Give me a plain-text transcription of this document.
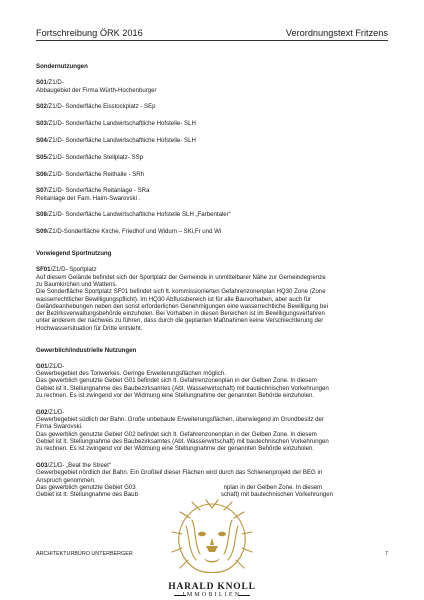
Fortschreibung ÖRK 2016	Verordnungstext Fritzens

Sondernutzungen

S01/Z1/D-

Abbaugebiet der Firma Würth-Hochenburger

S02/Z1/D- Sonderfläche Eisstockplatz - SEp

S03/Z1/D- Sonderfläche Landwirtschaftliche Hofstelle- SLH

S04/Z1/D- Sonderfläche Landwirtschaftliche Hofstelle- SLH

S05/Z1/D- Sonderfläche Stellplatz- SSp

S06/Z1/D- Sonderfläche Reithalle - SRh

S07/Z1/D- Sonderfläche Reitanlage - SRa

Reitanlage der Fam. Haim-Swarovski .

S08/Z1/D- Sonderfläche Landwirtschaftliche Hofstelle SLH „Farbentaler“

S09/Z1/D-Sonderfläche Kirche, Friedhof und Widum – SKi,Fr und Wi

Vorwiegend Sportnutzung

SF01/Z1/D- Sportplatz

Auf diesem Gelände befindet sich der Sportplatz der Gemeinde in unmittelbarer Nähe zur Gemeindegrenze

zu Baumkirchen und Wattens.

Die Sonderfläche Sportplatz SF01 befindet sich lt. kommissionierten Gefahrenzonenplan HQ30 Zone (Zone

wasserrechtlicher Bewilligungspflicht). Im HQ30 Abflussbereich ist für alle Bauvorhaben, aber auch für

Geländeanhebungen neben den sonst erforderlichen Genehmigungen eine wasserrechtliche Bewilligung bei

der Bezirksverwaltungsbehörde einzuholen. Bei Vorhaben in diesen Bereichen ist im Bewilligungsverfahren

unter anderem der nachweis zu führen, dass durch die geplanten Maßnahmen keine Verschlechterung der

Hochwassersituation für Dritte entsteht.

Gewerblich/industrielle Nutzungen

G01/Z1/D-

Gewerbegebiet des Tonwerkes. Geringe Erweiterungsflächen möglich.

Das gewerblich genutzte Gebiet G01 befindet sich lt. Gefahrenzonenplan in der Gelben Zone. In diesem

Gebiet ist lt. Stellungnahme des Baubezirksamtes (Abt. Wasserwirtschaft) mit bautechnischen Vorkehrungen

zu rechnen. Es ist zwingend vor der Widmung eine Stellungnahme der genannten Behörde einzuholen.

G02/Z1/D-

Gewerbegebiet südlich der Bahn. Große unbebaute Erweiterungsflächen, überwiegend im Grundbesitz der

Firma Swarovski.

Das gewerblich genutzte Gebiet G02 befindet sich lt. Gefahrenzonenplan in der Gelben Zone. In diesem

Gebiet ist lt. Stellungnahme des Baubezirksamtes (Abt. Wasserwirtschaft) mit bautechnischen Vorkehrungen

zu rechnen. Es ist zwingend vor der Widmung eine Stellungnahme der genannten Behörde einzuholen.

G03/Z1/D- „Beat the Street“

Gewerbegebiet nördlich der Bahn. Ein Großteil dieser Flächen wird durch das Schienenprojekt der BEG in

Anspruch genommen.

Das gewerblich genutzte Gebiet G03                                                    nplan in der Gelben Zone. In diesem

Gebiet ist lt. Stellungnahme des Baub                                                 schaft) mit bautechnischen Vorkehrungen

ARCHITEKTURBÜRO UNTERBERGER	7
HARALD KNOLL
IMMOBILIEN
